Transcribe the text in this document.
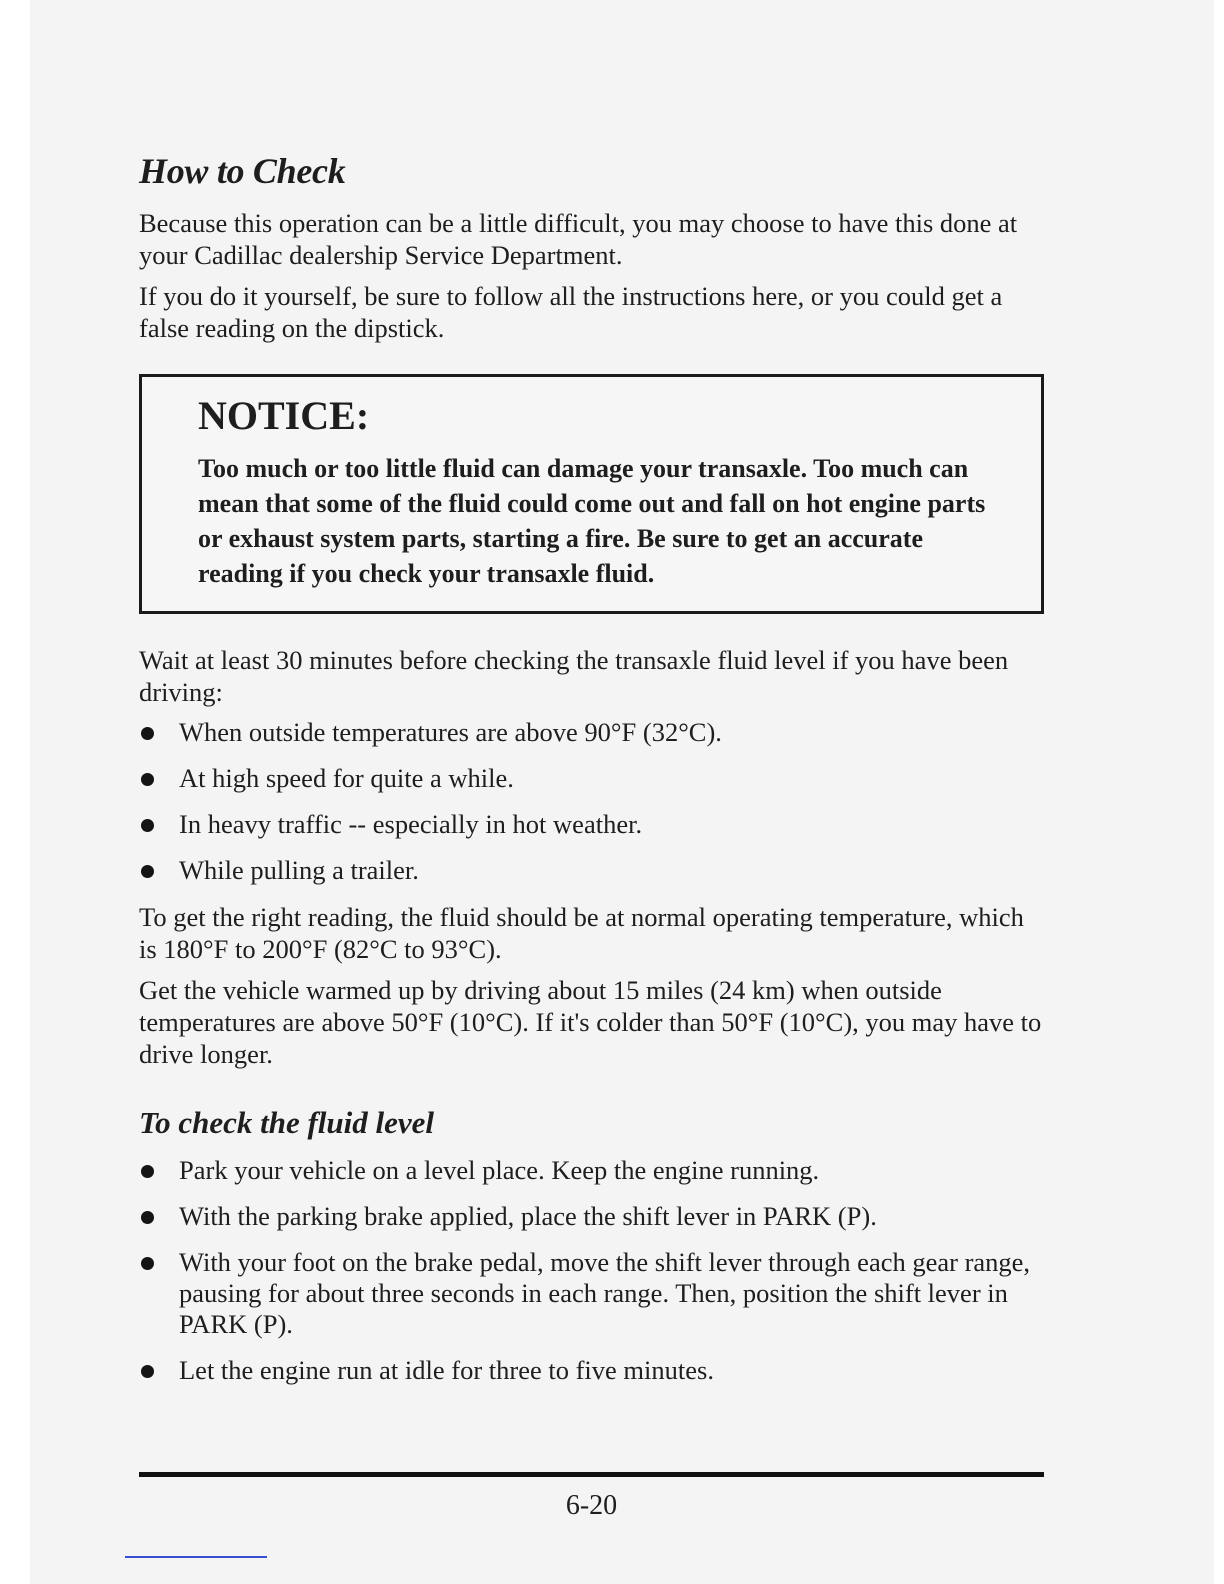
How to Check

Because this operation can be a little difficult, you may choose to have this done at your Cadillac dealership Service Department.

If you do it yourself, be sure to follow all the instructions here, or you could get a false reading on the dipstick.

NOTICE:

Too much or too little fluid can damage your transaxle. Too much can mean that some of the fluid could come out and fall on hot engine parts or exhaust system parts, starting a fire. Be sure to get an accurate reading if you check your transaxle fluid.

Wait at least 30 minutes before checking the transaxle fluid level if you have been driving:

When outside temperatures are above 90°F (32°C).
At high speed for quite a while.
In heavy traffic -- especially in hot weather.
While pulling a trailer.

To get the right reading, the fluid should be at normal operating temperature, which is 180°F to 200°F (82°C to 93°C).

Get the vehicle warmed up by driving about 15 miles (24 km) when outside temperatures are above 50°F (10°C). If it's colder than 50°F (10°C), you may have to drive longer.

To check the fluid level
Park your vehicle on a level place. Keep the engine running.
With the parking brake applied, place the shift lever in PARK (P).
With your foot on the brake pedal, move the shift lever through each gear range, pausing for about three seconds in each range. Then, position the shift lever in PARK (P).
Let the engine run at idle for three to five minutes.
6-20
